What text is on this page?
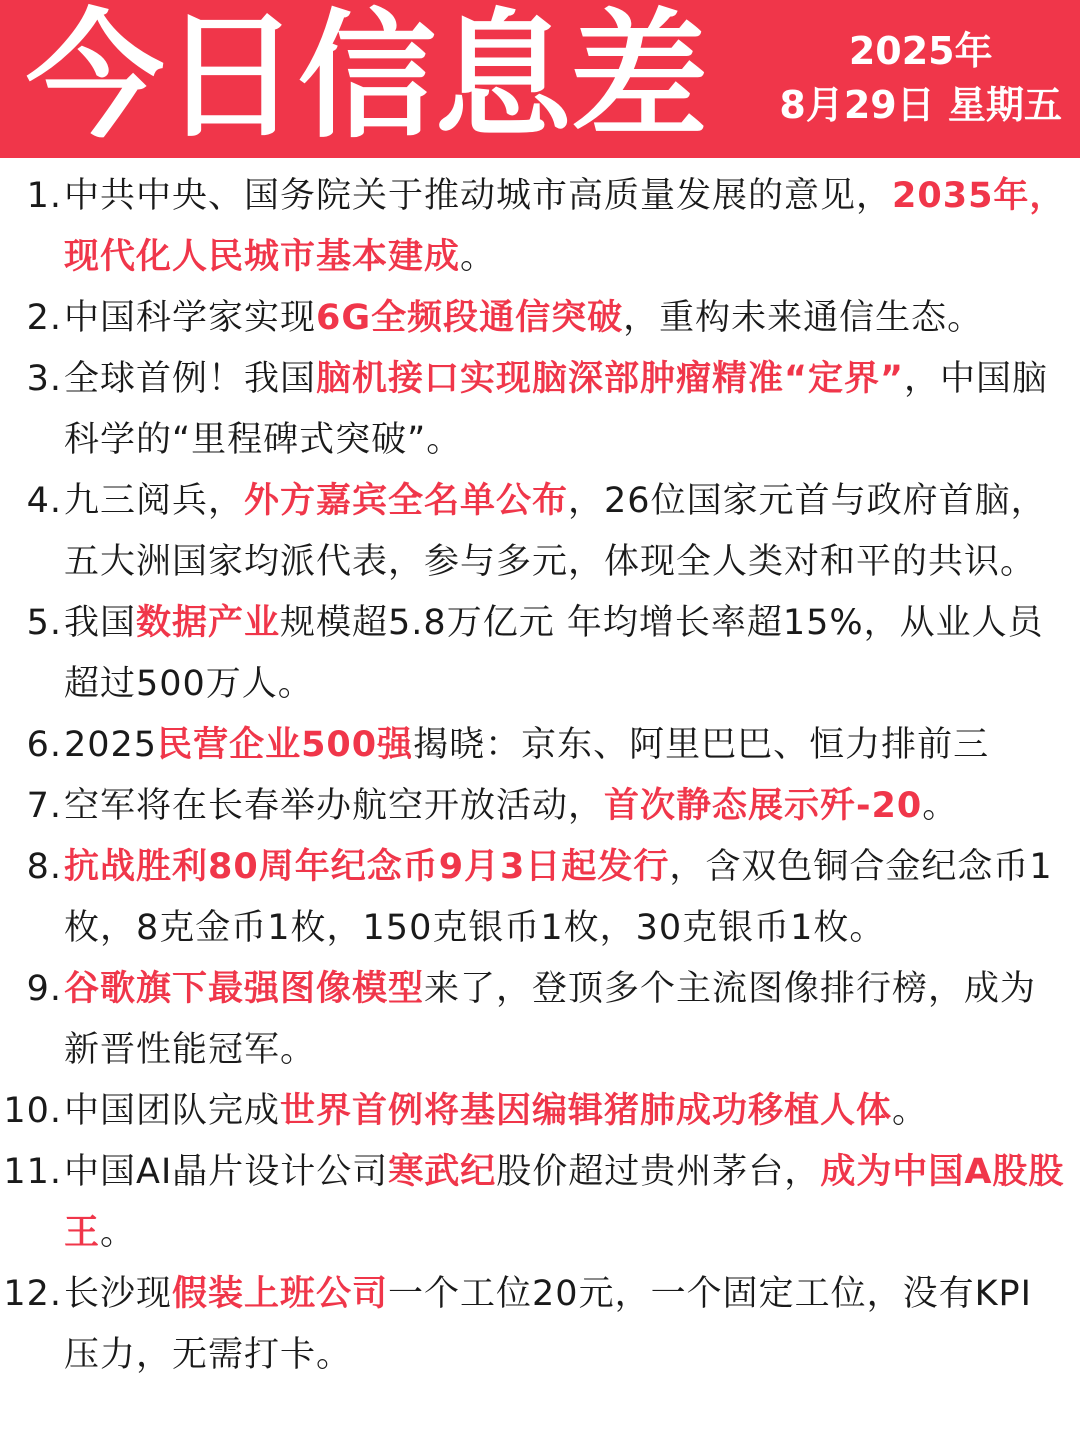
今日信息差	2025年
8月29日 星期五
1. 中共中央、国务院关于推动城市高质量发展的意见，2035年，现代化人民城市基本建成。
2. 中国科学家实现6G全频段通信突破，重构未来通信生态。
3. 全球首例！我国脑机接口实现脑深部肿瘤精准“定界”，中国脑科学的“里程碑式突破”。
4. 九三阅兵，外方嘉宾全名单公布，26位国家元首与政府首脑，五大洲国家均派代表，参与多元，体现全人类对和平的共识。
5. 我国数据产业规模超5.8万亿元 年均增长率超15%，从业人员超过500万人。
6. 2025民营企业500强揭晓：京东、阿里巴巴、恒力排前三
7. 空军将在长春举办航空开放活动，首次静态展示歼-20。
8. 抗战胜利80周年纪念币9月3日起发行，含双色铜合金纪念币1枚，8克金币1枚，150克银币1枚，30克银币1枚。
9. 谷歌旗下最强图像模型来了，登顶多个主流图像排行榜，成为新晋性能冠军。
10. 中国团队完成世界首例将基因编辑猪肺成功移植人体。
11. 中国AI晶片设计公司寒武纪股价超过贵州茅台，成为中国A股股王。
12. 长沙现假装上班公司一个工位20元，一个固定工位，没有KPI压力，无需打卡。
